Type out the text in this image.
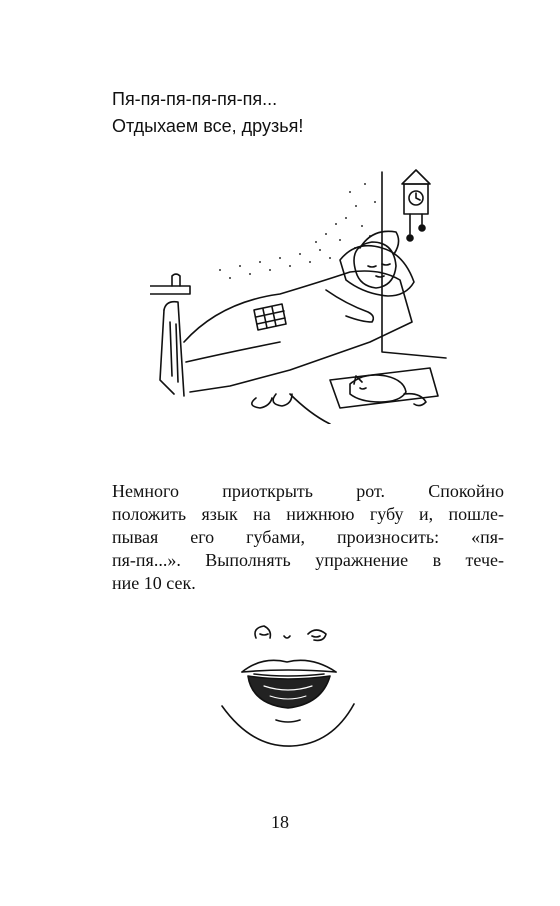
Пя-пя-пя-пя-пя-пя...
Отдыхаем все, друзья!
Немного приоткрыть рот. Спокойно
положить язык на нижнюю губу и, пошле-
пывая его губами, произносить: «пя-
пя-пя...». Выполнять упражнение в тече-
ние 10 сек.
18
